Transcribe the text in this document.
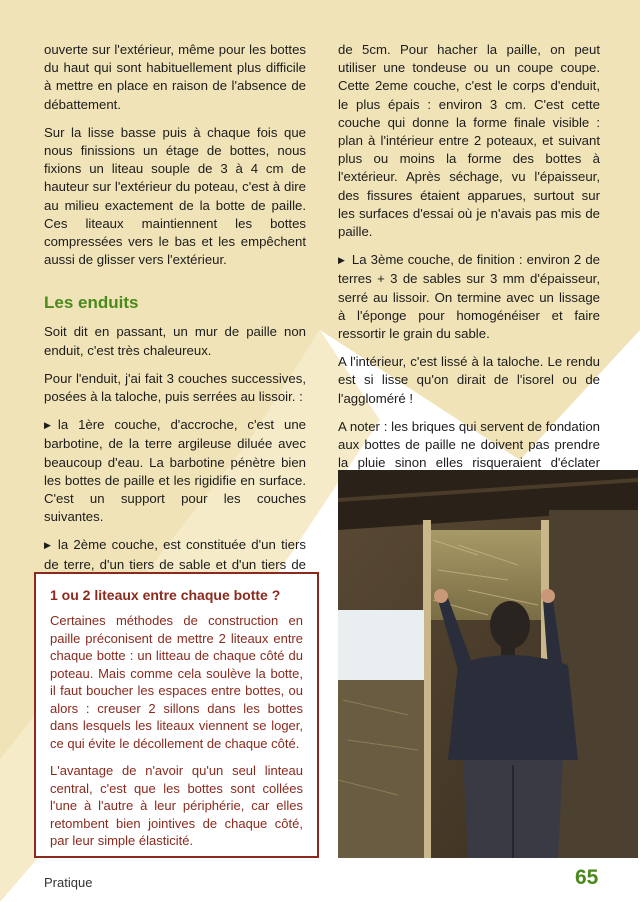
ouverte sur l'extérieur, même pour les bottes du haut qui sont habituellement plus difficile à mettre en place en raison de l'absence de débattement.

Sur la lisse basse puis à chaque fois que nous finissions un étage de bottes, nous fixions un liteau souple de 3 à 4 cm de hauteur sur l'extérieur du poteau, c'est à dire au milieu exactement de la botte de paille. Ces liteaux maintiennent les bottes compressées vers le bas et les empêchent aussi de glisser vers l'extérieur.

Les enduits

Soit dit en passant, un mur de paille non enduit, c'est très chaleureux.

Pour l'enduit, j'ai fait 3 couches successives, posées à la taloche, puis serrées au lissoir. :

▶ la 1ère couche, d'accroche, c'est une barbotine, de la terre argileuse diluée avec beaucoup d'eau. La barbotine pénètre bien les bottes de paille et les rigidifie en surface. C'est un support pour les couches suivantes.

▶ la 2ème couche, est constituée d'un tiers de terre, d'un tiers de sable et d'un tiers de

de 5cm. Pour hacher la paille, on peut utiliser une tondeuse ou un coupe coupe. Cette 2eme couche, c'est le corps d'enduit, le plus épais : environ 3 cm. C'est cette couche qui donne la forme finale visible : plan à l'intérieur entre 2 poteaux, et suivant plus ou moins la forme des bottes à l'extérieur. Après séchage, vu l'épaisseur, des fissures étaient apparues, surtout sur les surfaces d'essai où je n'avais pas mis de paille.

▶ La 3ème couche, de finition : environ 2 de terres + 3 de sables sur 3 mm d'épaisseur, serré au lissoir. On termine avec un lissage à l'éponge pour homogénéiser et faire ressortir le grain du sable.

A l'intérieur, c'est lissé à la taloche. Le rendu est si lisse qu'on dirait de l'isorel ou de l'aggloméré !

A noter : les briques qui servent de fondation aux bottes de paille ne doivent pas prendre la pluie sinon elles risqueraient d'éclater

1 ou 2 liteaux entre chaque botte ?

Certaines méthodes de construction en paille préconisent de mettre 2 liteaux entre chaque botte : un litteau de chaque côté du poteau. Mais comme cela soulève la botte, il faut boucher les espaces entre bottes, ou alors : creuser 2 sillons dans les bottes dans lesquels les liteaux viennent se loger, ce qui évite le décollement de chaque côté.

L'avantage de n'avoir qu'un seul linteau central, c'est que les bottes sont collées l'une à l'autre à leur périphérie, car elles retombent bien jointives de chaque côté, par leur simple élasticité.

Pratique	65
